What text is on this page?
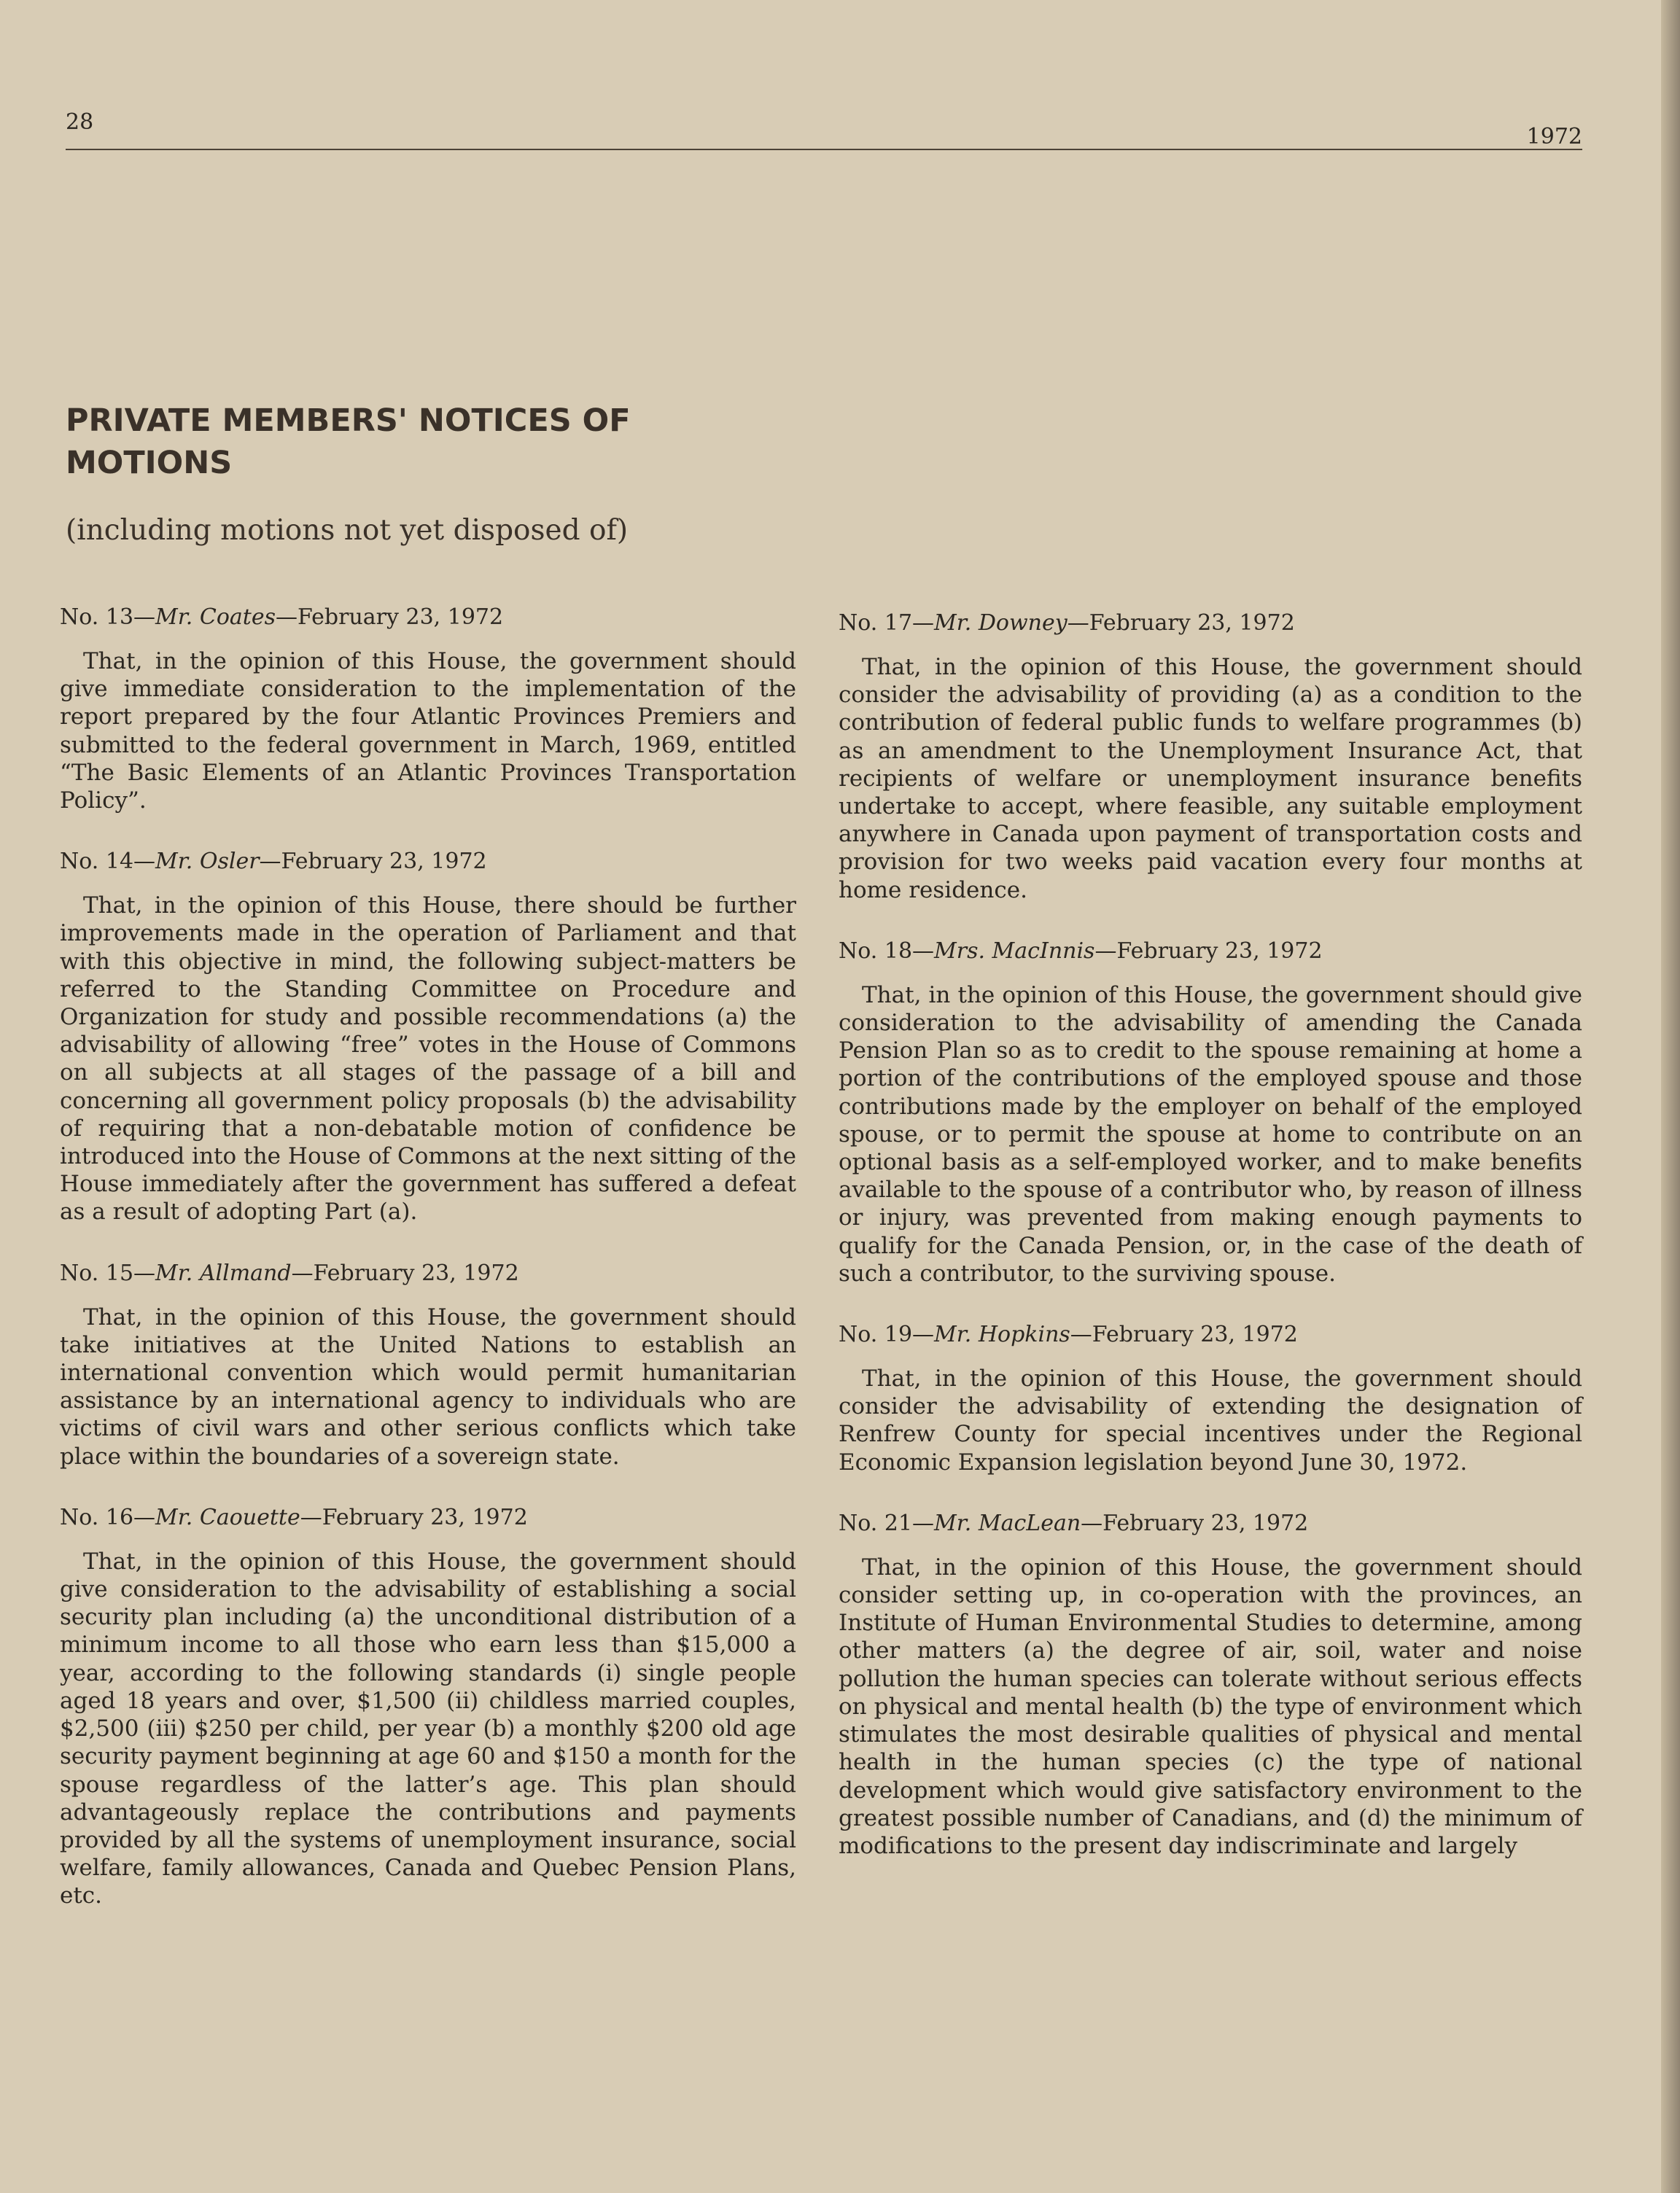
28
1972
PRIVATE MEMBERS' NOTICES OF MOTIONS

(including motions not yet disposed of)

No. 13—Mr. Coates—February 23, 1972

That, in the opinion of this House, the government should give immediate consideration to the implementation of the report prepared by the four Atlantic Provinces Premiers and submitted to the federal government in March, 1969, entitled “The Basic Elements of an Atlantic Provinces Transportation Policy”.

No. 14—Mr. Osler—February 23, 1972

That, in the opinion of this House, there should be further improvements made in the operation of Parliament and that with this objective in mind, the following subject-matters be referred to the Standing Committee on Procedure and Organization for study and possible recommendations (a) the advisability of allowing “free” votes in the House of Commons on all subjects at all stages of the passage of a bill and concerning all government policy proposals (b) the advisability of requiring that a non-debatable motion of confidence be introduced into the House of Commons at the next sitting of the House immediately after the government has suffered a defeat as a result of adopting Part (a).

No. 15—Mr. Allmand—February 23, 1972

That, in the opinion of this House, the government should take initiatives at the United Nations to establish an international convention which would permit humanitarian assistance by an international agency to individuals who are victims of civil wars and other serious conflicts which take place within the boundaries of a sovereign state.

No. 16—Mr. Caouette—February 23, 1972

That, in the opinion of this House, the government should give consideration to the advisability of establishing a social security plan including (a) the unconditional distribution of a minimum income to all those who earn less than $15,000 a year, according to the following standards (i) single people aged 18 years and over, $1,500 (ii) childless married couples, $2,500 (iii) $250 per child, per year (b) a monthly $200 old age security payment beginning at age 60 and $150 a month for the spouse regardless of the latter’s age. This plan should advantageously replace the contributions and payments provided by all the systems of unemployment insurance, social welfare, family allowances, Canada and Quebec Pension Plans, etc.

No. 17—Mr. Downey—February 23, 1972

That, in the opinion of this House, the government should consider the advisability of providing (a) as a condition to the contribution of federal public funds to welfare programmes (b) as an amendment to the Unemployment Insurance Act, that recipients of welfare or unemployment insurance benefits undertake to accept, where feasible, any suitable employment anywhere in Canada upon payment of transportation costs and provision for two weeks paid vacation every four months at home residence.

No. 18—Mrs. MacInnis—February 23, 1972

That, in the opinion of this House, the government should give consideration to the advisability of amending the Canada Pension Plan so as to credit to the spouse remaining at home a portion of the contributions of the employed spouse and those contributions made by the employer on behalf of the employed spouse, or to permit the spouse at home to contribute on an optional basis as a self-employed worker, and to make benefits available to the spouse of a contributor who, by reason of illness or injury, was prevented from making enough payments to qualify for the Canada Pension, or, in the case of the death of such a contributor, to the surviving spouse.

No. 19—Mr. Hopkins—February 23, 1972

That, in the opinion of this House, the government should consider the advisability of extending the designation of Renfrew County for special incentives under the Regional Economic Expansion legislation beyond June 30, 1972.

No. 21—Mr. MacLean—February 23, 1972

That, in the opinion of this House, the government should consider setting up, in co-operation with the provinces, an Institute of Human Environmental Studies to determine, among other matters (a) the degree of air, soil, water and noise pollution the human species can tolerate without serious effects on physical and mental health (b) the type of environment which stimulates the most desirable qualities of physical and mental health in the human species (c) the type of national development which would give satisfactory environment to the greatest possible number of Canadians, and (d) the minimum of modifications to the present day indiscriminate and largely
